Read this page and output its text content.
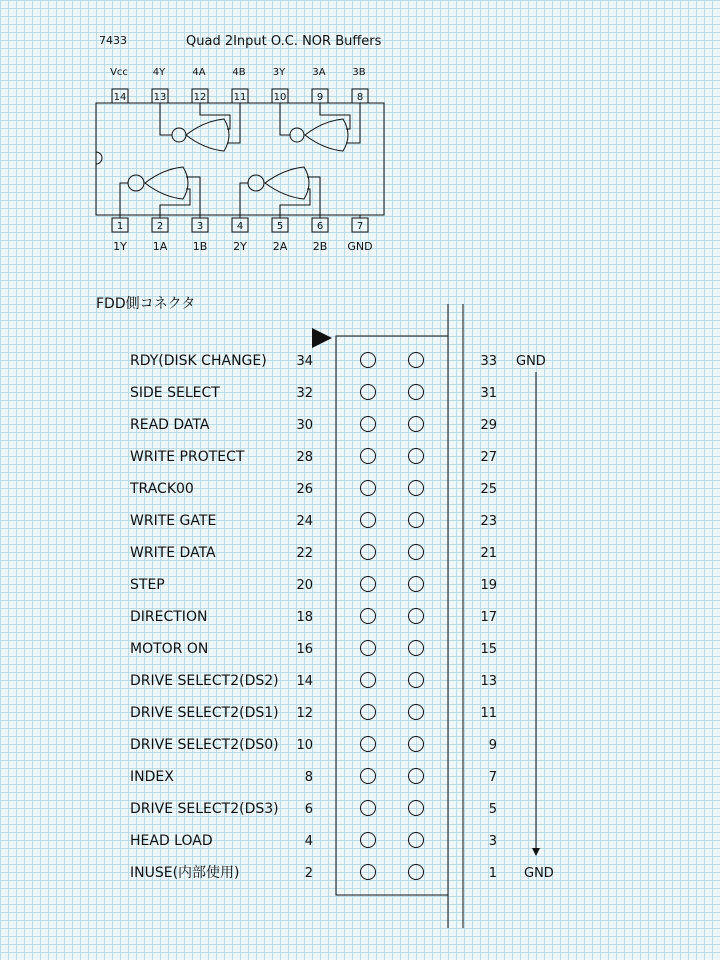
7433	Quad 2Input O.C. NOR Buffers
14
Vcc
13
4Y
12
4A
11
4B
10
3Y
9
3A
8
3B
1
1Y
2
1A
3
1B
4
2Y
5
2A
6
2B
7
GND
FDD側コネクタ
RDY(DISK CHANGE) 34	33 GND
SIDE SELECT	32	31
READ DATA	30	29
WRITE PROTECT	28	27
TRACK00	26	25
WRITE GATE	24	23
WRITE DATA	22	21
STEP	20	19
DIRECTION	18	17
MOTOR ON	16	15
DRIVE SELECT2(DS2) 14	13
DRIVE SELECT2(DS1) 12	11
DRIVE SELECT2(DS0) 10	9
INDEX	8	7
DRIVE SELECT2(DS3) 6	5
HEAD LOAD	4	3
INUSE(内部使用)	2	1 GND
